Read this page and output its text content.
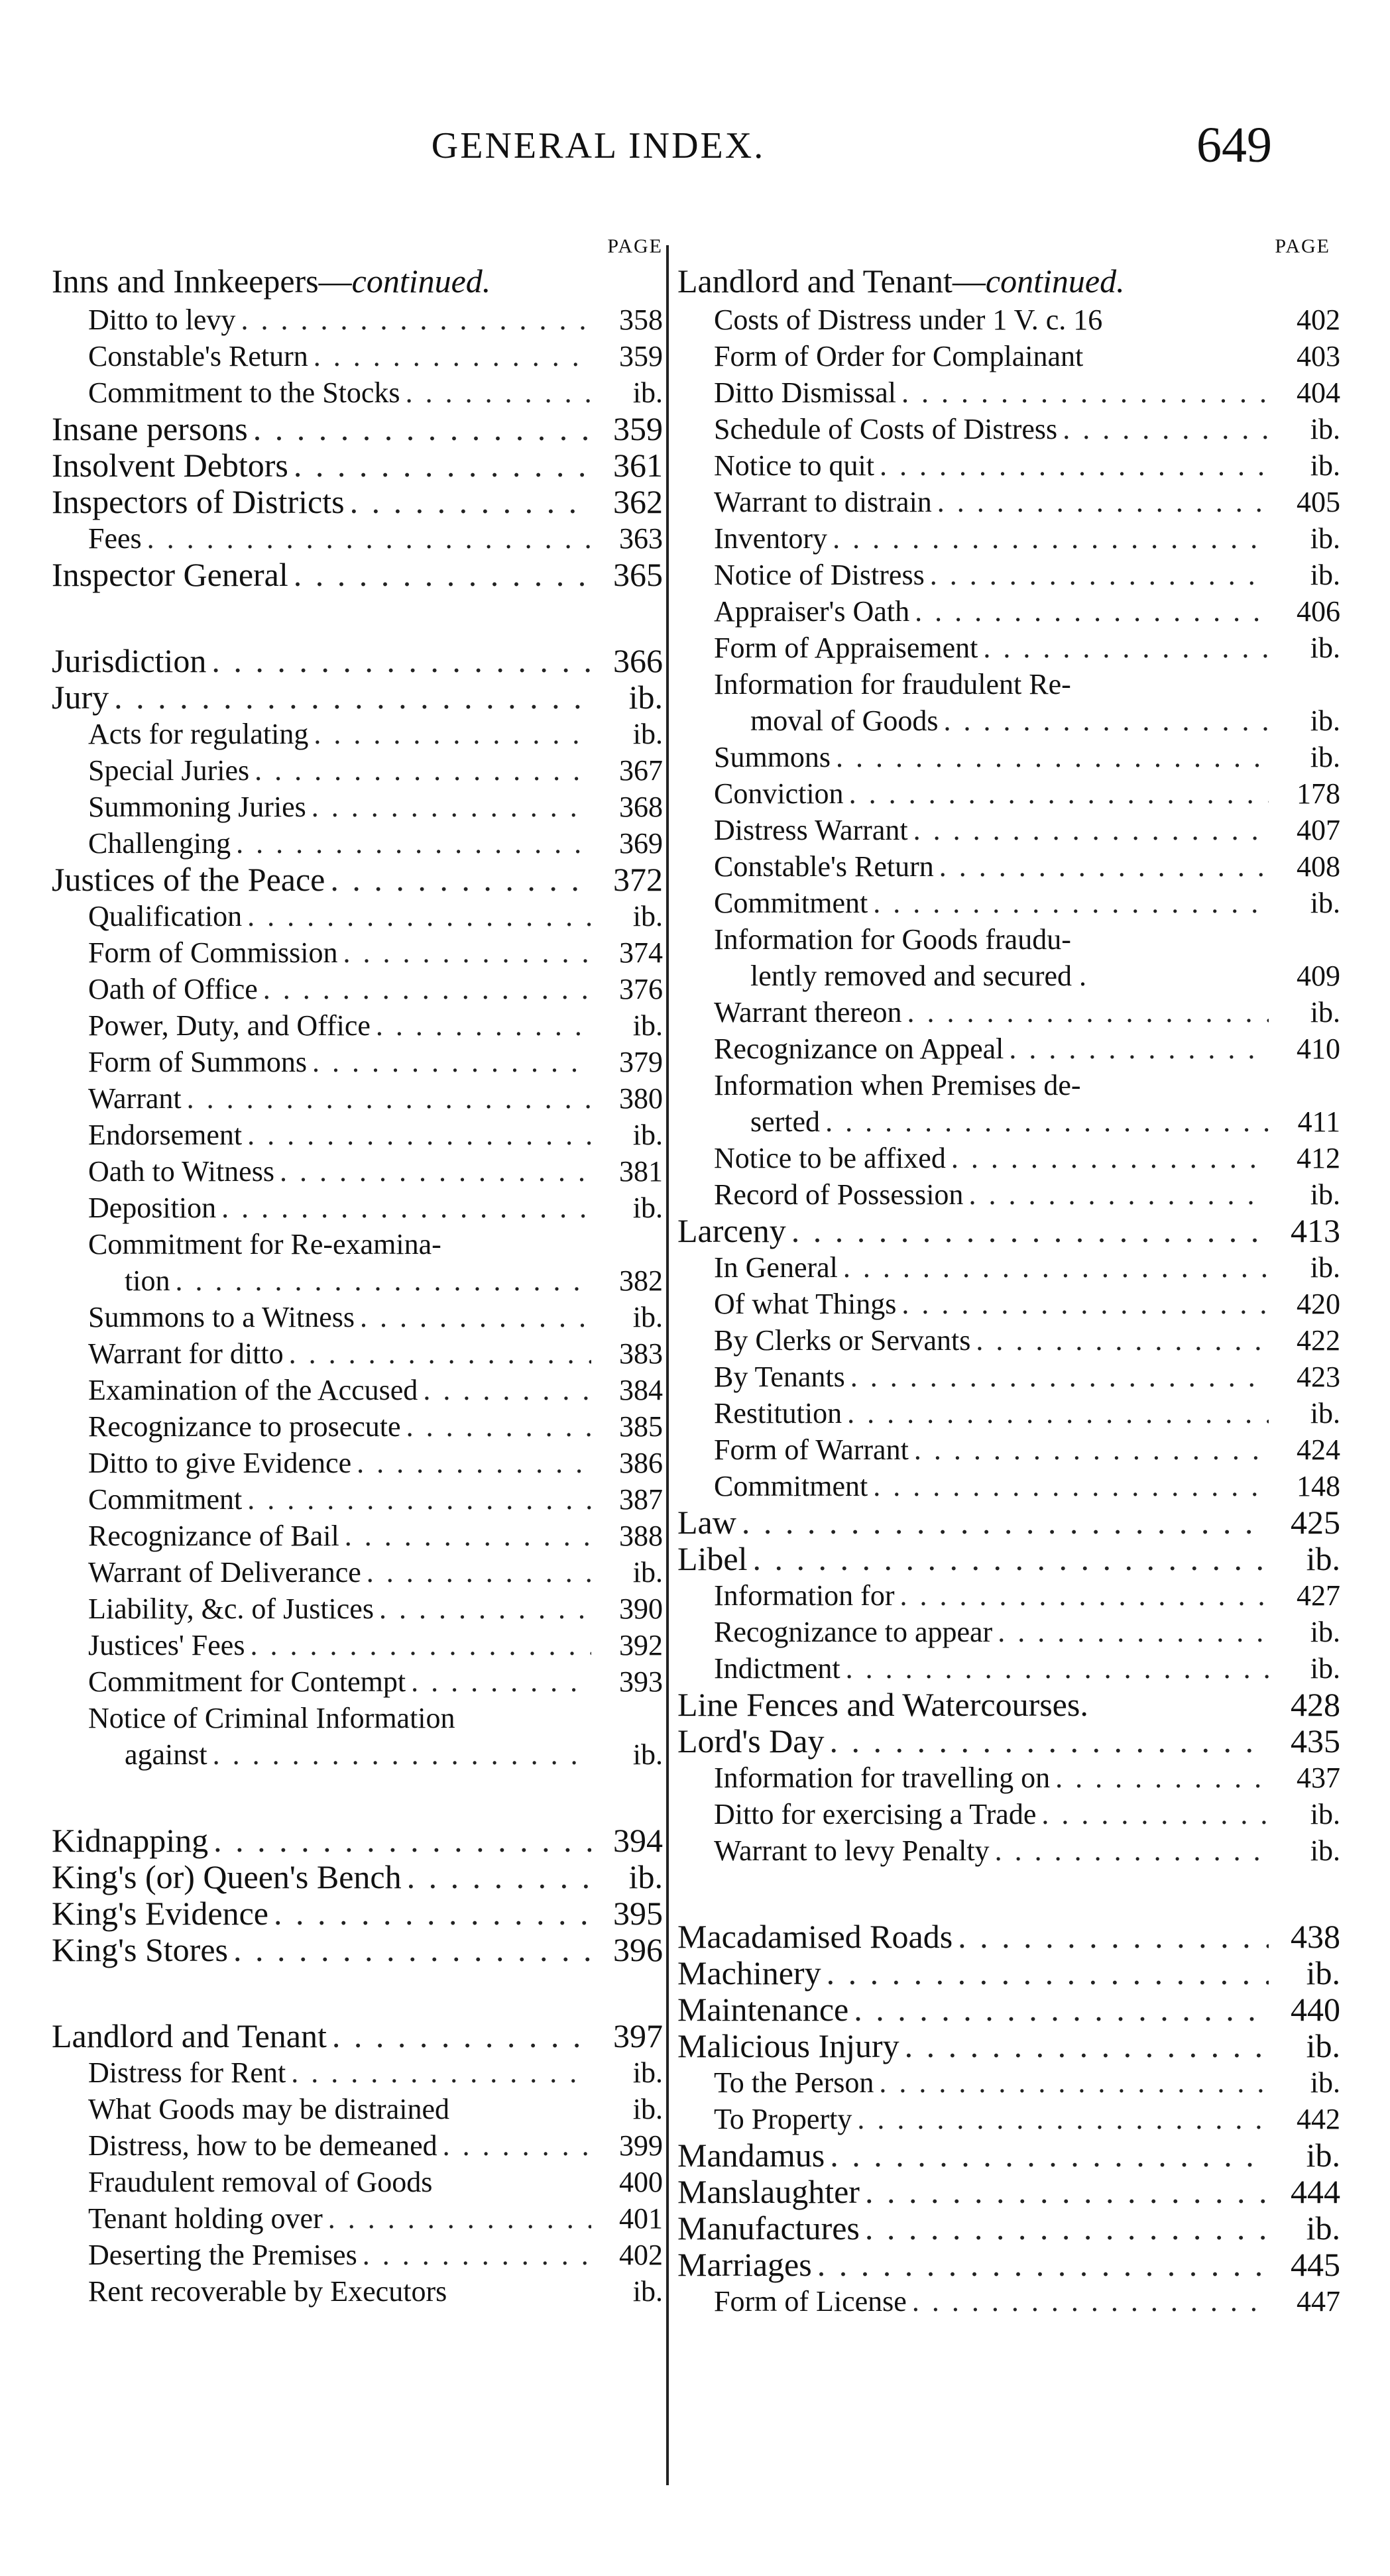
GENERAL INDEX.	649
PAGE
Inns and Innkeepers—continued.
Ditto to levy . . .	358
Constable's Return . . .	359
Commitment to the Stocks . . .	ib.
Insane persons . . .	359
Insolvent Debtors . . .	361
Inspectors of Districts . . .	362
Fees . . .	363
Inspector General . . .	365
Jurisdiction . . .	366
Jury . . .	ib.
Acts for regulating . . .	ib.
Special Juries . . .	367
Summoning Juries . . .	368
Challenging . . .	369
Justices of the Peace . . .	372
Qualification . . .	ib.
Form of Commission . . .	374
Oath of Office . . .	376
Power, Duty, and Office . . .	ib.
Form of Summons . . .	379
Warrant . . .	380
Endorsement . . .	ib.
Oath to Witness . . .	381
Deposition . . .	ib.
Commitment for Re-examina-
tion . . .	382
Summons to a Witness . . .	ib.
Warrant for ditto . . .	383
Examination of the Accused . . .	384
Recognizance to prosecute . . .	385
Ditto to give Evidence . . .	386
Commitment . . .	387
Recognizance of Bail . . .	388
Warrant of Deliverance . . .	ib.
Liability, &c. of Justices . . .	390
Justices' Fees . . .	392
Commitment for Contempt . . .	393
Notice of Criminal Information
against . . .	ib.
Kidnapping . . .	394
King's (or) Queen's Bench . . .	ib.
King's Evidence . . .	395
King's Stores . . .	396
Landlord and Tenant . . .	397
Distress for Rent . . .	ib.
What Goods may be distrained	ib.
Distress, how to be demeaned . . .	399
Fraudulent removal of Goods	400
Tenant holding over . . .	401
Deserting the Premises . . .	402
Rent recoverable by Executors	ib.
PAGE
Landlord and Tenant—continued.
Costs of Distress under 1 V. c. 16	402
Form of Order for Complainant	403
Ditto Dismissal . . .	404
Schedule of Costs of Distress . . .	ib.
Notice to quit . . .	ib.
Warrant to distrain . . .	405
Inventory . . .	ib.
Notice of Distress . . .	ib.
Appraiser's Oath . . .	406
Form of Appraisement . . .	ib.
Information for fraudulent Re-
moval of Goods . . .	ib.
Summons . . .	ib.
Conviction . . .	178
Distress Warrant . . .	407
Constable's Return . . .	408
Commitment . . .	ib.
Information for Goods fraudu-
lently removed and secured .	409
Warrant thereon . . .	ib.
Recognizance on Appeal . . .	410
Information when Premises de-
serted . . .	411
Notice to be affixed . . .	412
Record of Possession . . .	ib.
Larceny . . .	413
In General . . .	ib.
Of what Things . . .	420
By Clerks or Servants . . .	422
By Tenants . . .	423
Restitution . . .	ib.
Form of Warrant . . .	424
Commitment . . .	148
Law . . .	425
Libel . . .	ib.
Information for . . .	427
Recognizance to appear . . .	ib.
Indictment . . .	ib.
Line Fences and Watercourses.	428
Lord's Day . . .	435
Information for travelling on . . .	437
Ditto for exercising a Trade . . .	ib.
Warrant to levy Penalty . . .	ib.
Macadamised Roads . . .	438
Machinery . . .	ib.
Maintenance . . .	440
Malicious Injury . . .	ib.
To the Person . . .	ib.
To Property . . .	442
Mandamus . . .	ib.
Manslaughter . . .	444
Manufactures . . .	ib.
Marriages . . .	445
Form of License . . .	447
